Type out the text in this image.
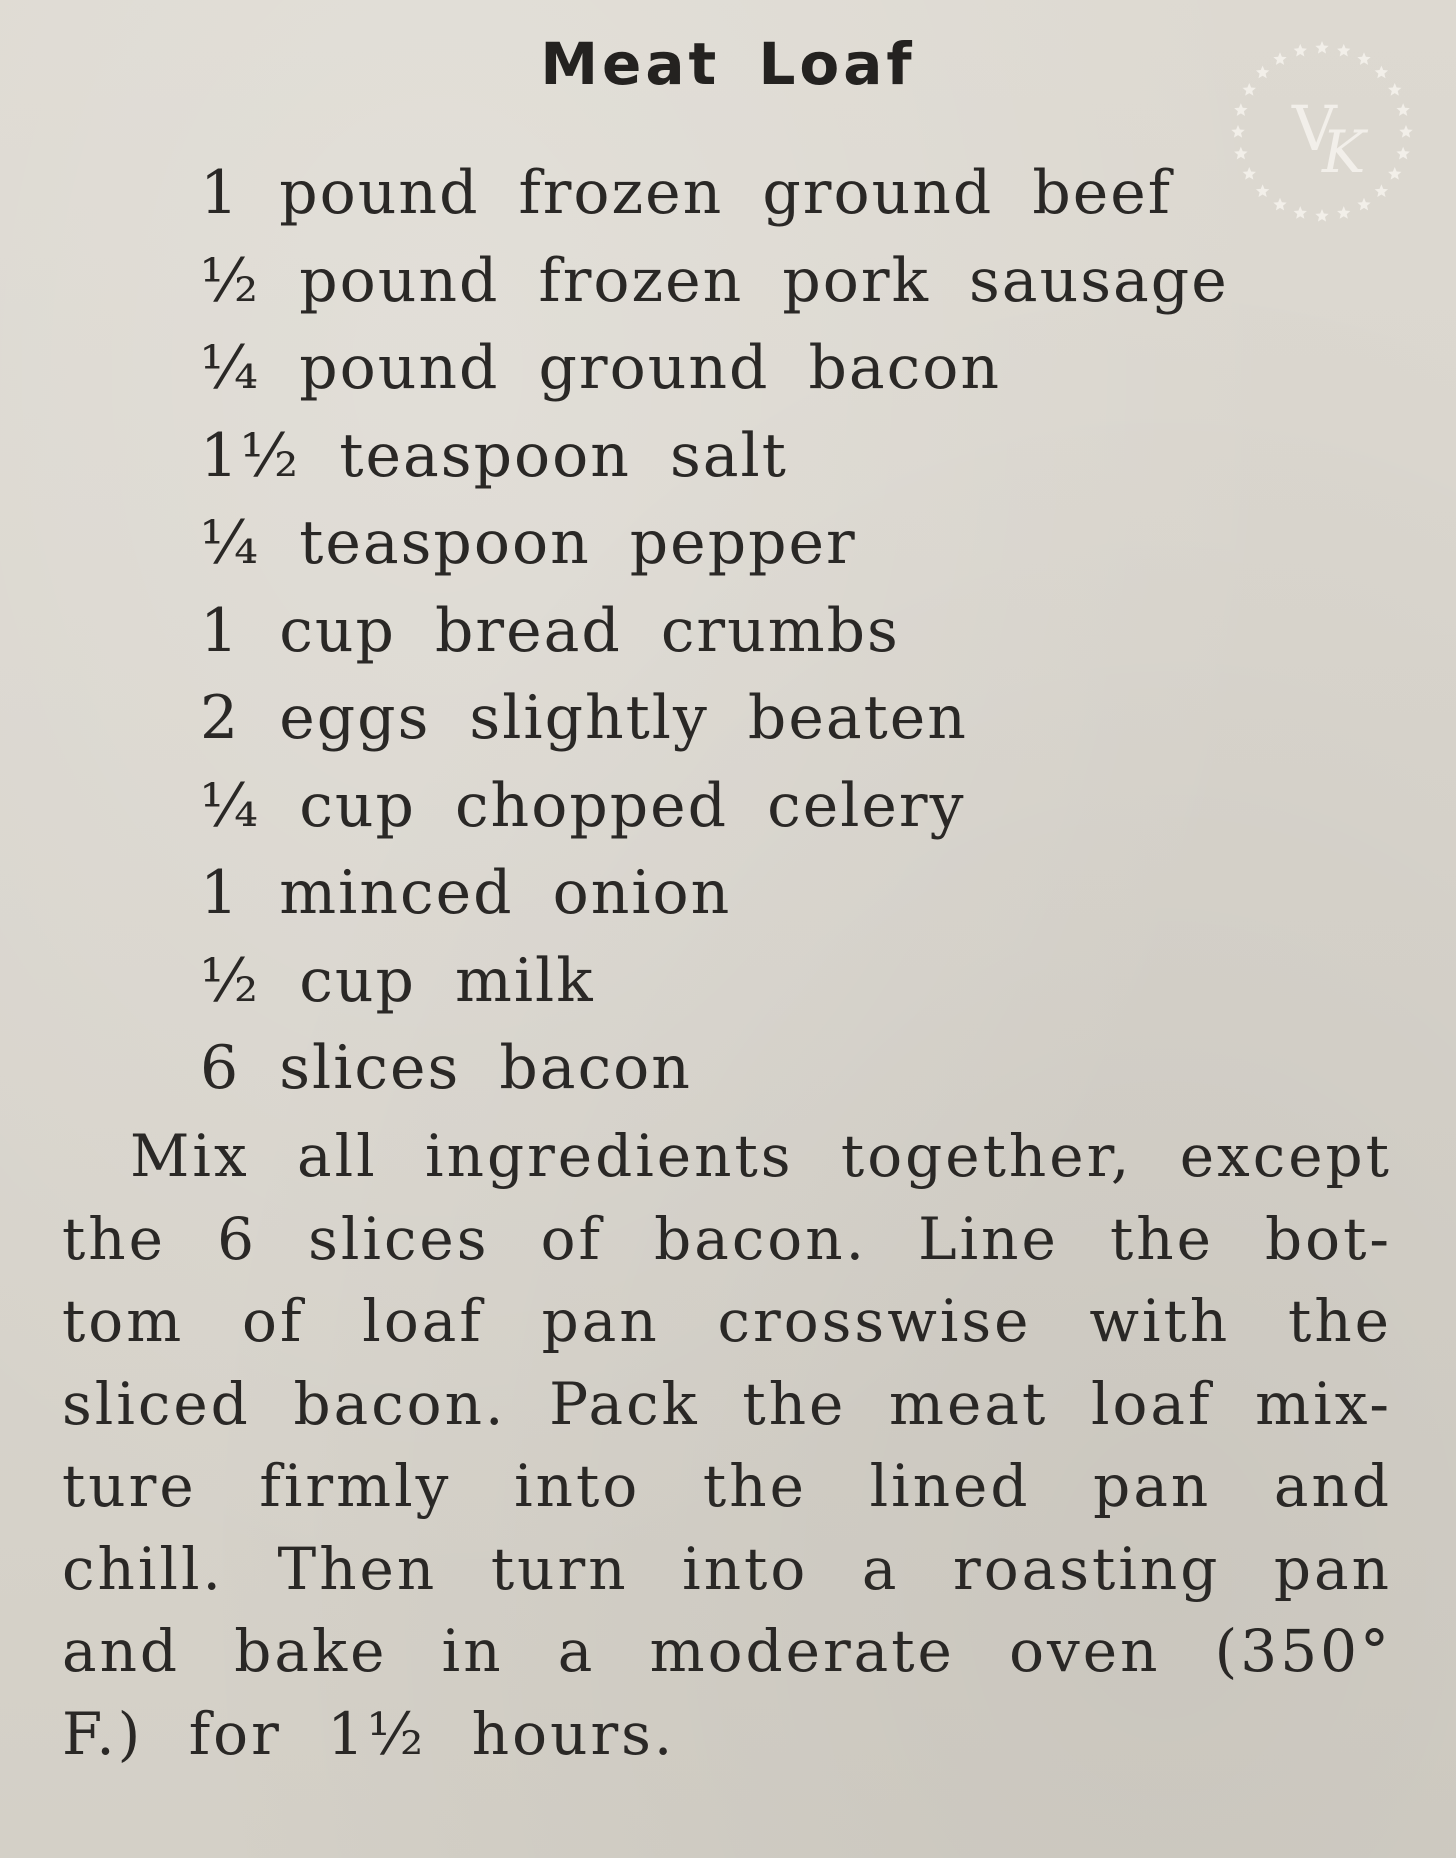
Meat Loaf
V
K
1 pound frozen ground beef
½ pound frozen pork sausage
¼ pound ground bacon
1½ teaspoon salt
¼ teaspoon pepper
1 cup bread crumbs
2 eggs slightly beaten
¼ cup chopped celery
1 minced onion
½ cup milk
6 slices bacon
Mix all ingredients together, except
the 6 slices of bacon. Line the bot-
tom of loaf pan crosswise with the
sliced bacon. Pack the meat loaf mix-
ture firmly into the lined pan and
chill. Then turn into a roasting pan
and bake in a moderate oven (350°
F.) for 1½ hours.
